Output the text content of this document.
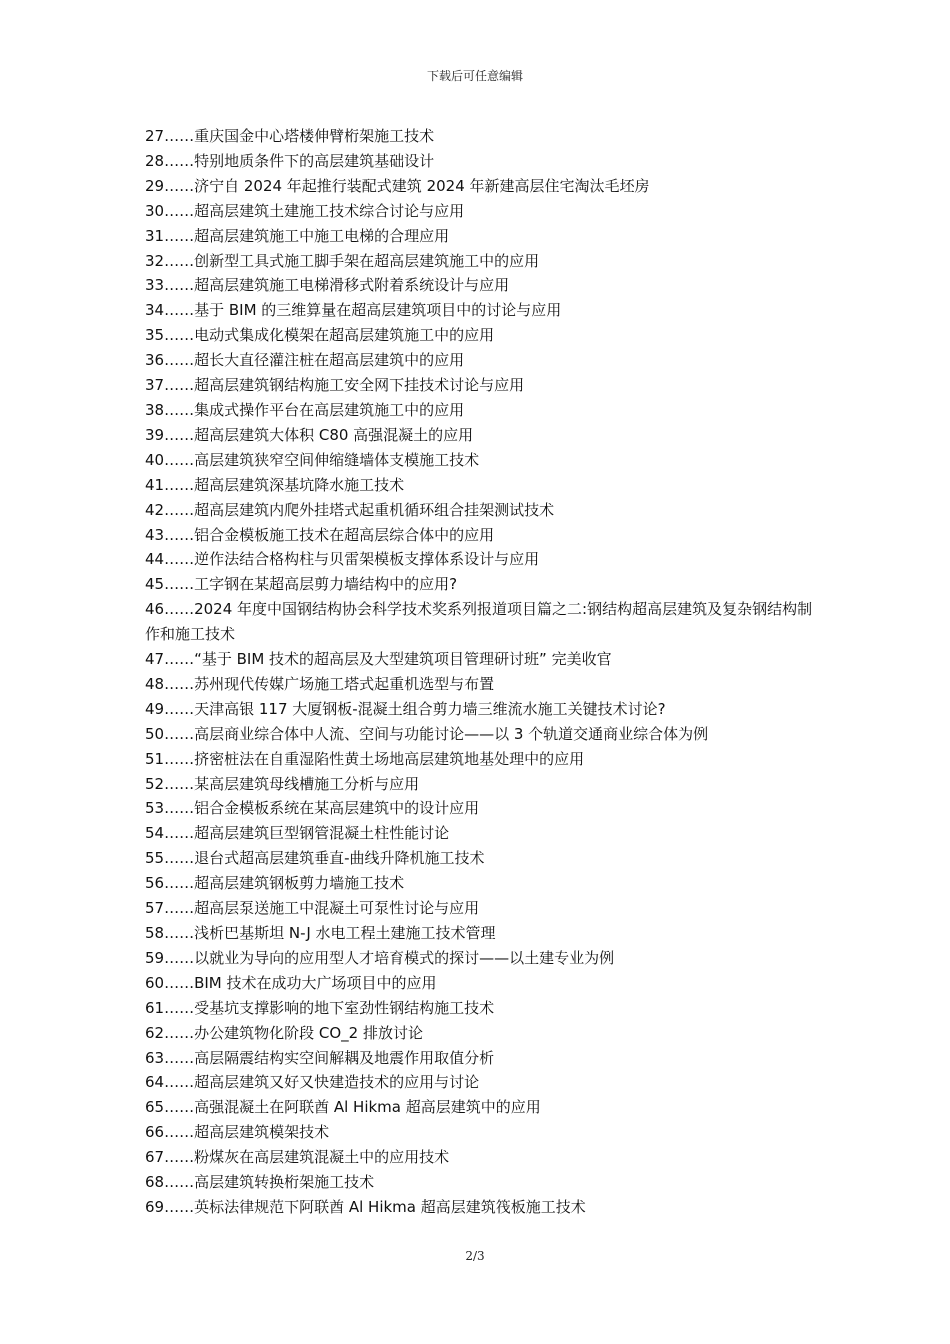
下载后可任意编辑
27……重庆国金中心塔楼伸臂桁架施工技术
28……特别地质条件下的高层建筑基础设计
29……济宁自 2024 年起推行装配式建筑 2024 年新建高层住宅淘汰毛坯房
30……超高层建筑土建施工技术综合讨论与应用
31……超高层建筑施工中施工电梯的合理应用
32……创新型工具式施工脚手架在超高层建筑施工中的应用
33……超高层建筑施工电梯滑移式附着系统设计与应用
34……基于 BIM 的三维算量在超高层建筑项目中的讨论与应用
35……电动式集成化模架在超高层建筑施工中的应用
36……超长大直径灌注桩在超高层建筑中的应用
37……超高层建筑钢结构施工安全网下挂技术讨论与应用
38……集成式操作平台在高层建筑施工中的应用
39……超高层建筑大体积 C80 高强混凝土的应用
40……高层建筑狭窄空间伸缩缝墙体支模施工技术
41……超高层建筑深基坑降水施工技术
42……超高层建筑内爬外挂塔式起重机循环组合挂架测试技术
43……铝合金模板施工技术在超高层综合体中的应用
44……逆作法结合格构柱与贝雷架模板支撑体系设计与应用
45……工字钢在某超高层剪力墙结构中的应用?
46……2024 年度中国钢结构协会科学技术奖系列报道项目篇之二:钢结构超高层建筑及复杂钢结构制作和施工技术
47……“基于 BIM 技术的超高层及大型建筑项目管理研讨班” 完美收官
48……苏州现代传媒广场施工塔式起重机选型与布置
49……天津高银 117 大厦钢板-混凝土组合剪力墙三维流水施工关键技术讨论?
50……高层商业综合体中人流、空间与功能讨论——以 3 个轨道交通商业综合体为例
51……挤密桩法在自重湿陷性黄土场地高层建筑地基处理中的应用
52……某高层建筑母线槽施工分析与应用
53……铝合金模板系统在某高层建筑中的设计应用
54……超高层建筑巨型钢管混凝土柱性能讨论
55……退台式超高层建筑垂直-曲线升降机施工技术
56……超高层建筑钢板剪力墙施工技术
57……超高层泵送施工中混凝土可泵性讨论与应用
58……浅析巴基斯坦 N-J 水电工程土建施工技术管理
59……以就业为导向的应用型人才培育模式的探讨——以土建专业为例
60……BIM 技术在成功大广场项目中的应用
61……受基坑支撑影响的地下室劲性钢结构施工技术
62……办公建筑物化阶段 CO_2 排放讨论
63……高层隔震结构实空间解耦及地震作用取值分析
64……超高层建筑又好又快建造技术的应用与讨论
65……高强混凝土在阿联酋 Al Hikma 超高层建筑中的应用
66……超高层建筑模架技术
67……粉煤灰在高层建筑混凝土中的应用技术
68……高层建筑转换桁架施工技术
69……英标法律规范下阿联酋 Al Hikma 超高层建筑筏板施工技术
2/3
